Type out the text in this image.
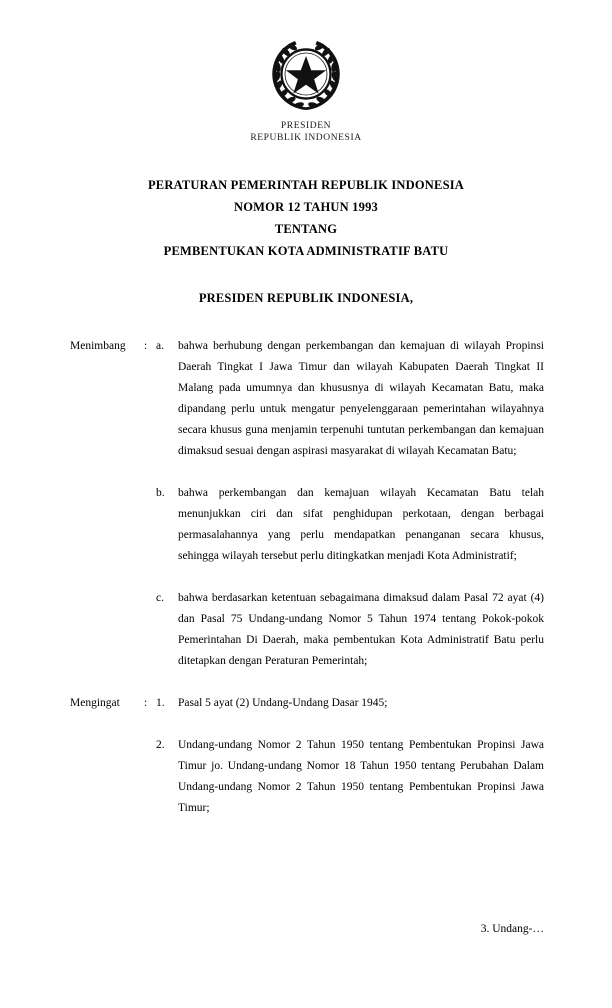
PRESIDEN
REPUBLIK INDONESIA
PERATURAN PEMERINTAH REPUBLIK INDONESIA
NOMOR 12 TAHUN 1993
TENTANG
PEMBENTUKAN KOTA ADMINISTRATIF BATU
PRESIDEN REPUBLIK INDONESIA,
Menimbang	: a.	bahwa berhubung dengan perkembangan dan kemajuan di wilayah Propinsi Daerah Tingkat I Jawa Timur dan wilayah Kabupaten Daerah Tingkat II Malang pada umumnya dan khususnya di wilayah Kecamatan Batu, maka dipandang perlu untuk mengatur penyelenggaraan pemerintahan wilayahnya secara khusus guna menjamin terpenuhi tuntutan perkembangan dan kemajuan dimaksud sesuai dengan aspirasi masyarakat di wilayah Kecamatan Batu;
b.	bahwa perkembangan dan kemajuan wilayah Kecamatan Batu telah menunjukkan ciri dan sifat penghidupan perkotaan, dengan berbagai permasalahannya yang perlu mendapatkan penanganan secara khusus, sehingga wilayah tersebut perlu ditingkatkan menjadi Kota Administratif;
c.	bahwa berdasarkan ketentuan sebagaimana dimaksud dalam Pasal 72 ayat (4) dan Pasal 75 Undang-undang Nomor 5 Tahun 1974 tentang Pokok-pokok Pemerintahan Di Daerah, maka pembentukan Kota Administratif Batu perlu ditetapkan dengan Peraturan Pemerintah;
Mengingat	: 1.	Pasal 5 ayat (2) Undang-Undang Dasar 1945;
2.	Undang-undang Nomor 2 Tahun 1950 tentang Pembentukan Propinsi Jawa Timur jo. Undang-undang Nomor 18 Tahun 1950 tentang Perubahan Dalam Undang-undang Nomor 2 Tahun 1950 tentang Pembentukan Propinsi Jawa Timur;
3. Undang-…
